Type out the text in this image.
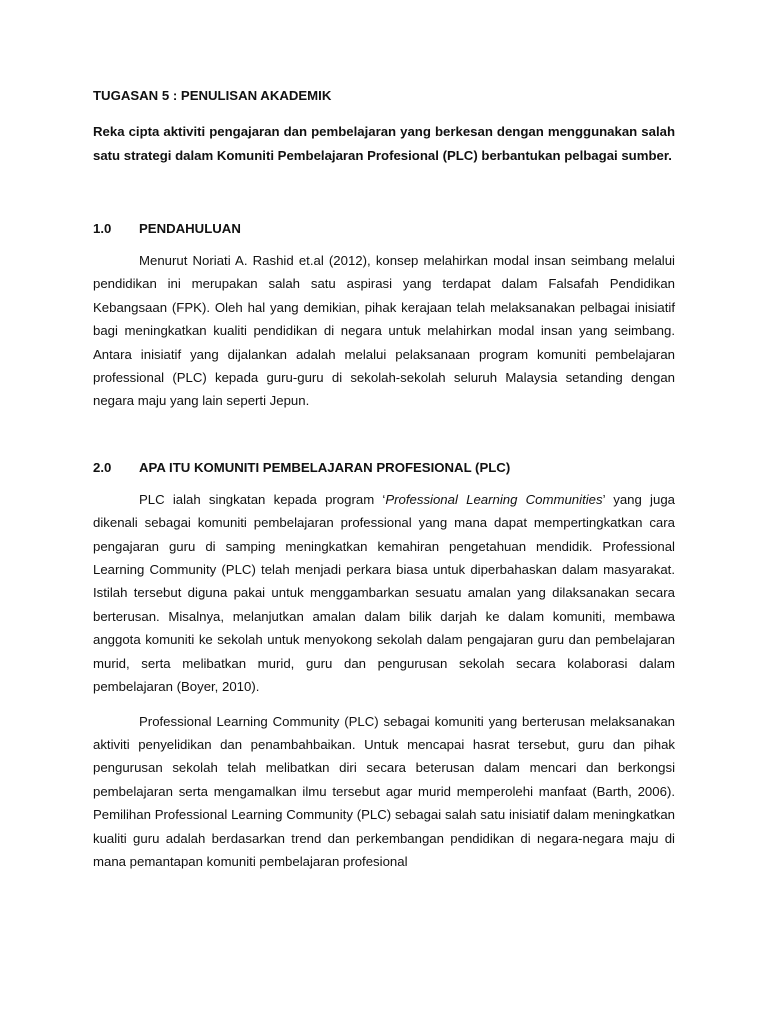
TUGASAN 5 : PENULISAN AKADEMIK

Reka cipta aktiviti pengajaran dan pembelajaran yang berkesan dengan menggunakan salah satu strategi dalam Komuniti Pembelajaran Profesional (PLC) berbantukan pelbagai sumber.

1.0	PENDAHULUAN

Menurut Noriati A. Rashid et.al (2012), konsep melahirkan modal insan seimbang melalui pendidikan ini merupakan salah satu aspirasi yang terdapat dalam Falsafah Pendidikan Kebangsaan (FPK). Oleh hal yang demikian, pihak kerajaan telah melaksanakan pelbagai inisiatif bagi meningkatkan kualiti pendidikan di negara untuk melahirkan modal insan yang seimbang. Antara inisiatif yang dijalankan adalah melalui pelaksanaan program komuniti pembelajaran professional (PLC) kepada guru-guru di sekolah-sekolah seluruh Malaysia setanding dengan negara maju yang lain seperti Jepun.

2.0	APA ITU KOMUNITI PEMBELAJARAN PROFESIONAL (PLC)

PLC ialah singkatan kepada program ‘Professional Learning Communities’ yang juga dikenali sebagai komuniti pembelajaran professional yang mana dapat mempertingkatkan cara pengajaran guru di samping meningkatkan kemahiran pengetahuan mendidik. Professional Learning Community (PLC) telah menjadi perkara biasa untuk diperbahaskan dalam masyarakat. Istilah tersebut diguna pakai untuk menggambarkan sesuatu amalan yang dilaksanakan secara berterusan. Misalnya, melanjutkan amalan dalam bilik darjah ke dalam komuniti, membawa anggota komuniti ke sekolah untuk menyokong sekolah dalam pengajaran guru dan pembelajaran murid, serta melibatkan murid, guru dan pengurusan sekolah secara kolaborasi dalam pembelajaran (Boyer, 2010).

Professional Learning Community (PLC) sebagai komuniti yang berterusan melaksanakan aktiviti penyelidikan dan penambahbaikan. Untuk mencapai hasrat tersebut, guru dan pihak pengurusan sekolah telah melibatkan diri secara beterusan dalam mencari dan berkongsi pembelajaran serta mengamalkan ilmu tersebut agar murid memperolehi manfaat (Barth, 2006). Pemilihan Professional Learning Community (PLC) sebagai salah satu inisiatif dalam meningkatkan kualiti guru adalah berdasarkan trend dan perkembangan pendidikan di negara-negara maju di mana pemantapan komuniti pembelajaran profesional
